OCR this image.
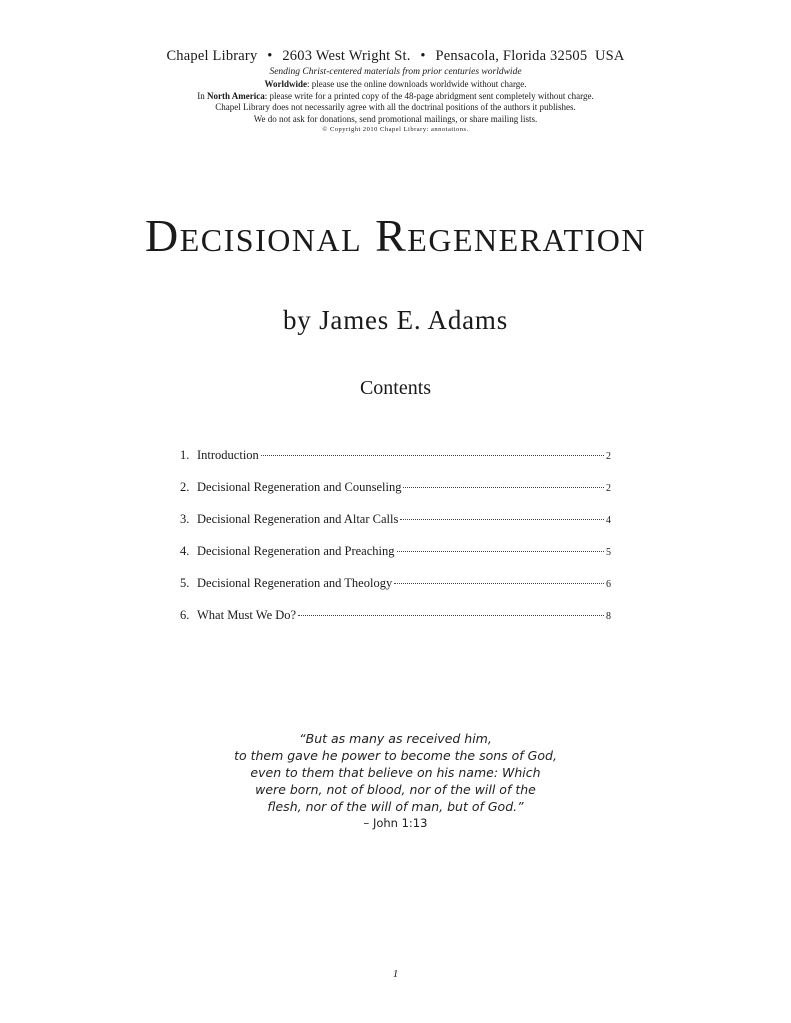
Chapel Library • 2603 West Wright St. • Pensacola, Florida 32505 USA
Sending Christ-centered materials from prior centuries worldwide
Worldwide: please use the online downloads worldwide without charge.
In North America: please write for a printed copy of the 48-page abridgment sent completely without charge.
Chapel Library does not necessarily agree with all the doctrinal positions of the authors it publishes.
We do not ask for donations, send promotional mailings, or share mailing lists.
© Copyright 2010 Chapel Library: annotations.
Decisional Regeneration
by James E. Adams
Contents
1. Introduction	2
2. Decisional Regeneration and Counseling	2
3. Decisional Regeneration and Altar Calls	4
4. Decisional Regeneration and Preaching	5
5. Decisional Regeneration and Theology	6
6. What Must We Do?	8
“But as many as received him,
to them gave he power to become the sons of God,
even to them that believe on his name: Which
were born, not of blood, nor of the will of the
flesh, nor of the will of man, but of God.”
– John 1:13
1
